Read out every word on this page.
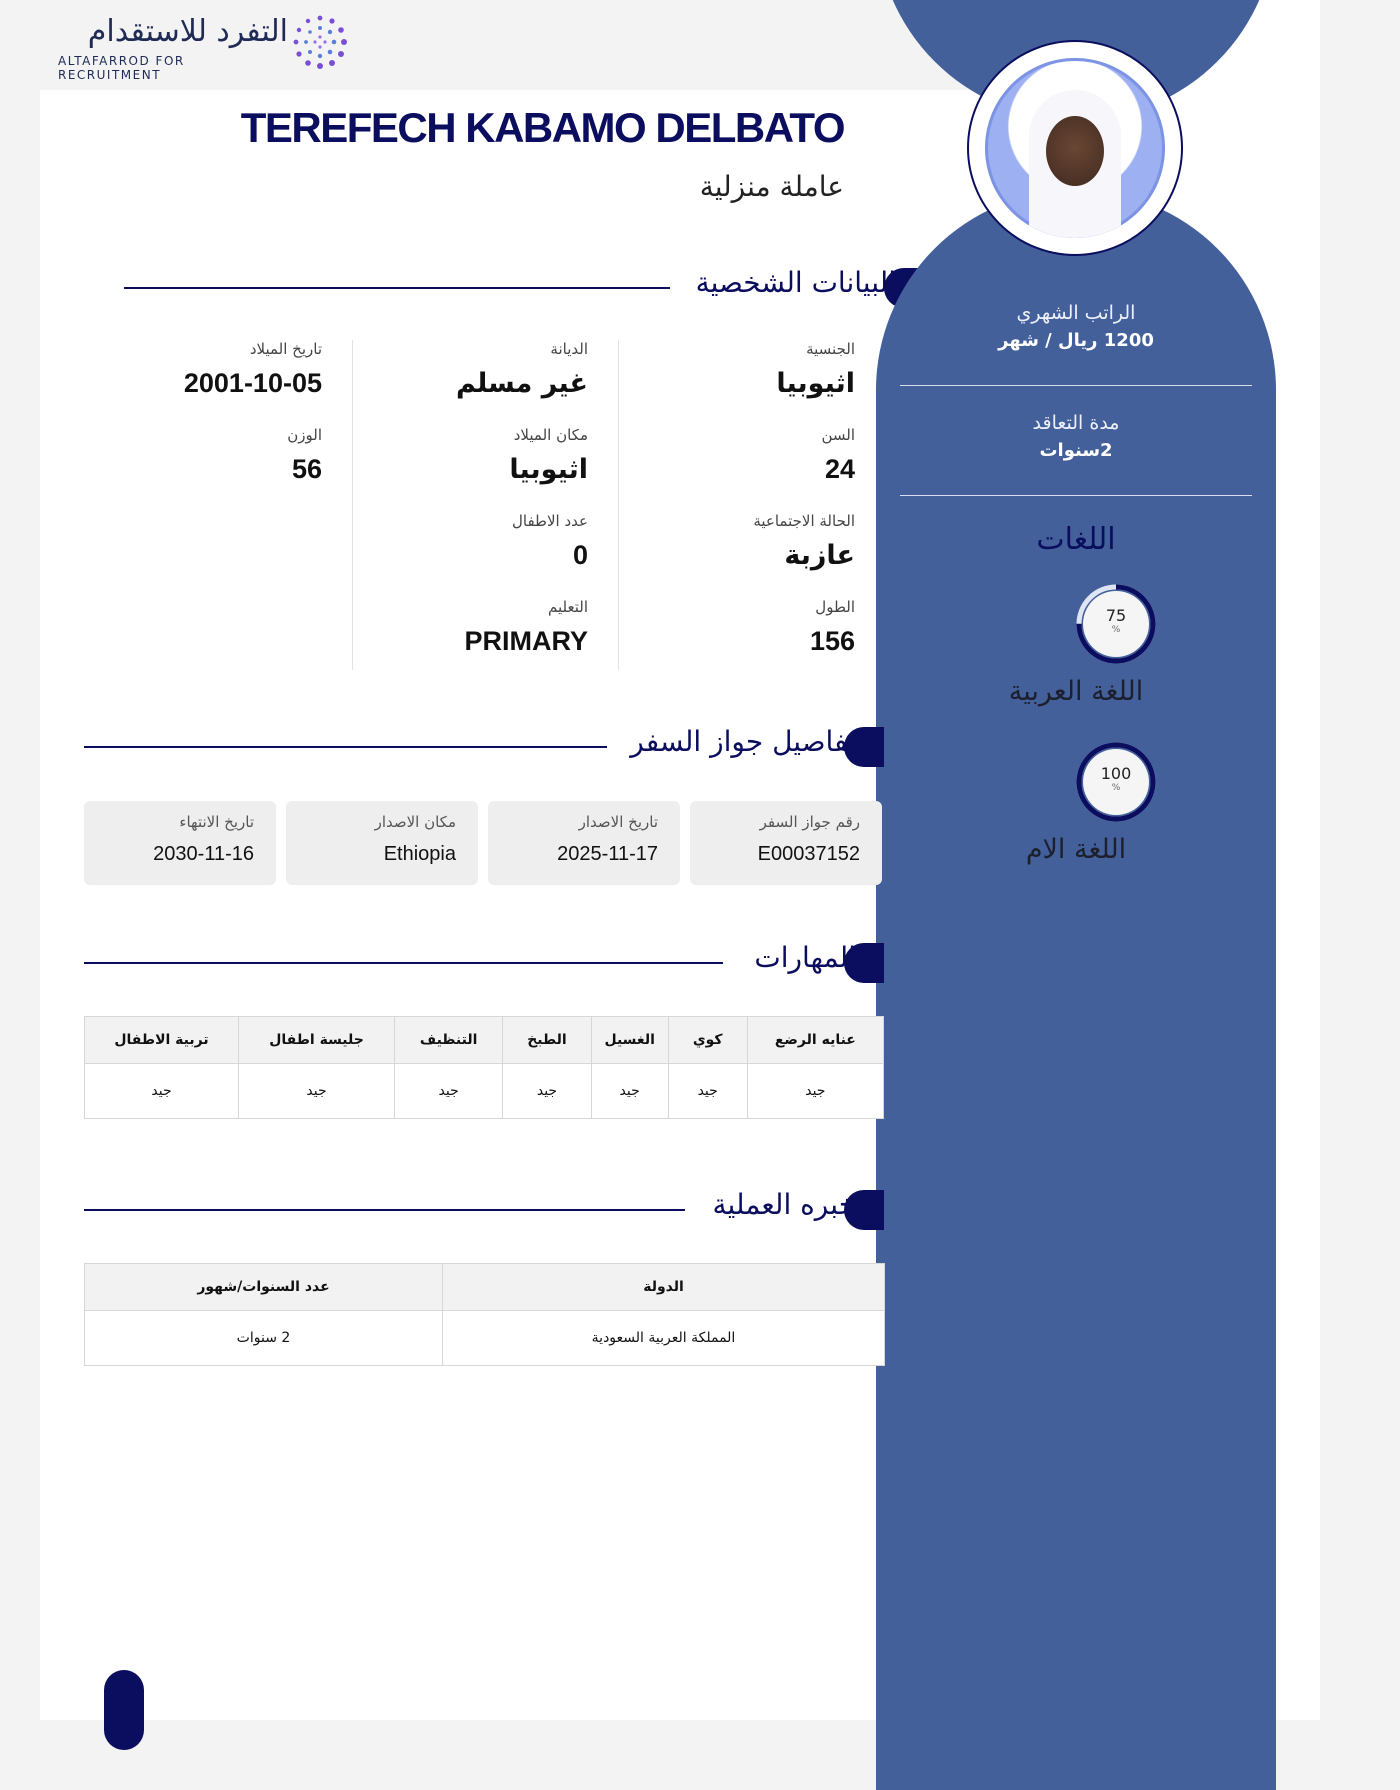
TEREFECH KABAMO DELBATO
عاملة منزلية
البيانات الشخصية
التفرد للاستقدام
ALTAFARROD FOR RECRUITMENT
الراتب الشهري
1200 ريال / شهر
مدة التعاقد
2سنوات
اللغات
75
%
اللغة العربية
100
%
اللغة الام
الجنسية
اثيوبيا
السن
24
الحالة الاجتماعية
عازبة
الطول
156
الديانة
غير مسلم
مكان الميلاد
اثيوبيا
عدد الاطفال
0
التعليم
PRIMARY
تاريخ الميلاد
2001-10-05
الوزن
56
تفاصيل جواز السفر
رقم جواز السفر
E00037152
تاريخ الاصدار
2025-11-17
مكان الاصدار
Ethiopia
تاريخ الانتهاء
2030-11-16
المهارات
عنايه الرضع	كوي	الغسيل	الطبخ	التنظيف	جليسة اطفال	تربية الاطفال
جيد	جيد	جيد	جيد	جيد	جيد	جيد
خبره العملية
الدولة	عدد السنوات/شهور
المملكة العربية السعودية	2 سنوات
